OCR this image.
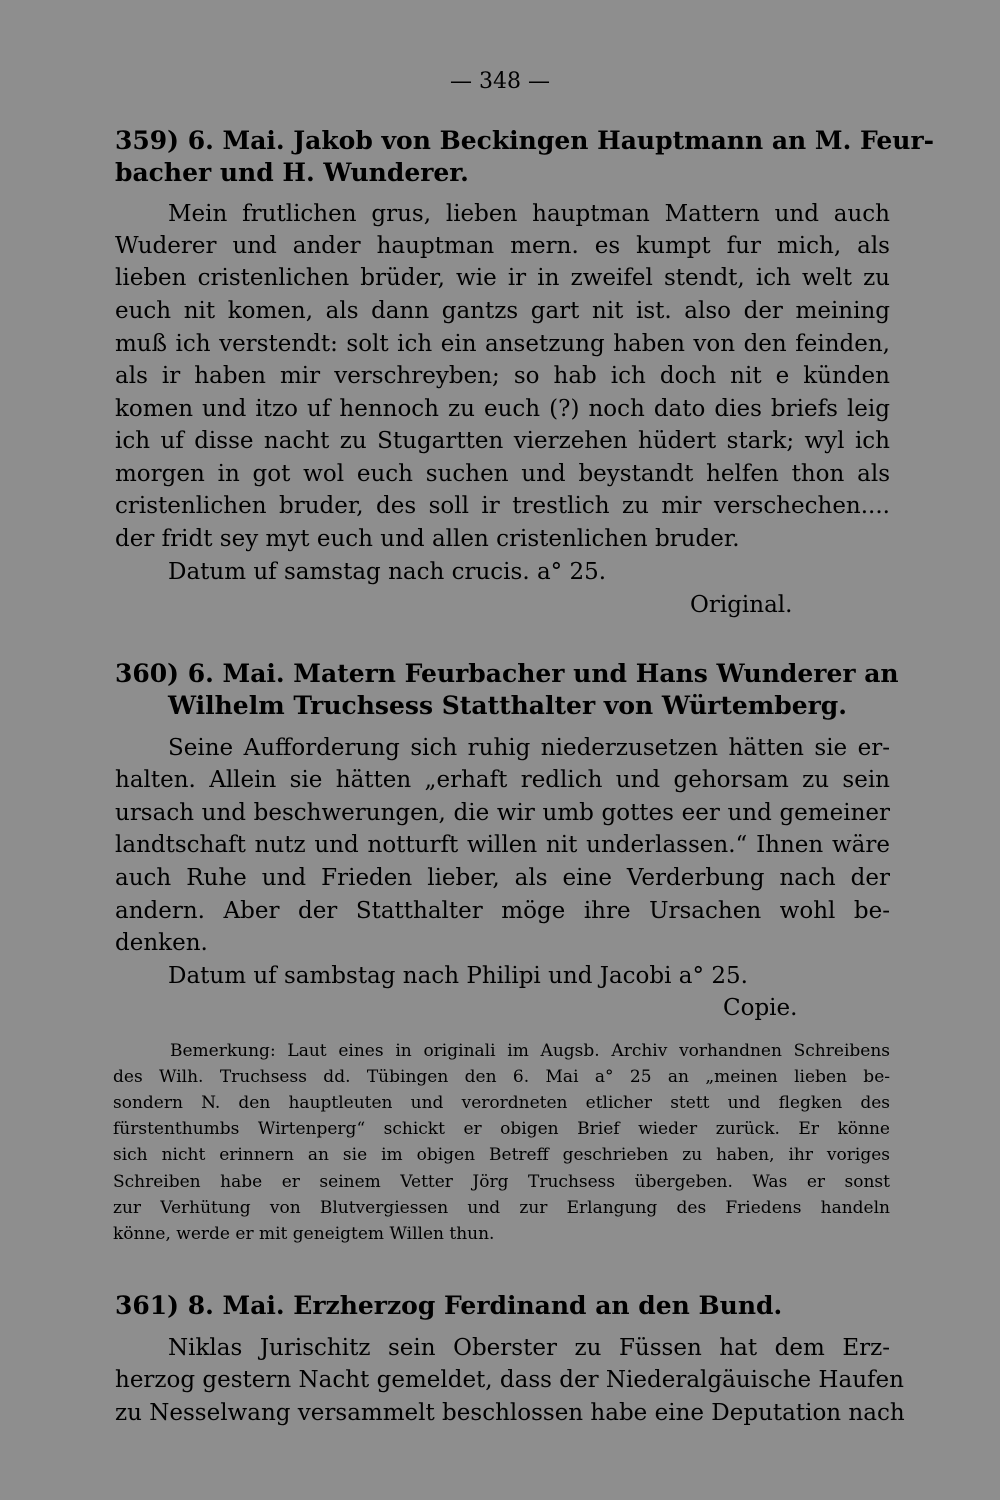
— 348 —
359) 6. Mai. Jakob von Beckingen Hauptmann an M. Feur-
bacher und H. Wunderer.
Mein frutlichen grus, lieben hauptman Mattern und auch
Wuderer und ander hauptman mern. es kumpt fur mich, als
lieben cristenlichen brüder, wie ir in zweifel stendt, ich welt zu
euch nit komen, als dann gantzs gart nit ist. also der meining
muß ich verstendt: solt ich ein ansetzung haben von den feinden,
als ir haben mir verschreyben; so hab ich doch nit e künden
komen und itzo uf hennoch zu euch (?) noch dato dies briefs leig
ich uf disse nacht zu Stugartten vierzehen hüdert stark; wyl ich
morgen in got wol euch suchen und beystandt helfen thon als
cristenlichen bruder, des soll ir trestlich zu mir verschechen....
der fridt sey myt euch und allen cristenlichen bruder.
Datum uf samstag nach crucis. a° 25.
Original.
360) 6. Mai. Matern Feurbacher und Hans Wunderer an
Wilhelm Truchsess Statthalter von Würtemberg.
Seine Aufforderung sich ruhig niederzusetzen hätten sie er-
halten. Allein sie hätten „erhaft redlich und gehorsam zu sein
ursach und beschwerungen, die wir umb gottes eer und gemeiner
landtschaft nutz und notturft willen nit underlassen.“ Ihnen wäre
auch Ruhe und Frieden lieber, als eine Verderbung nach der
andern. Aber der Statthalter möge ihre Ursachen wohl be-
denken.
Datum uf sambstag nach Philipi und Jacobi a° 25.
Copie.
Bemerkung: Laut eines in originali im Augsb. Archiv vorhandnen Schreibens
des Wilh. Truchsess dd. Tübingen den 6. Mai a° 25 an „meinen lieben be-
sondern N. den hauptleuten und verordneten etlicher stett und flegken des
fürstenthumbs Wirtenperg“ schickt er obigen Brief wieder zurück. Er könne
sich nicht erinnern an sie im obigen Betreff geschrieben zu haben, ihr voriges
Schreiben habe er seinem Vetter Jörg Truchsess übergeben. Was er sonst
zur Verhütung von Blutvergiessen und zur Erlangung des Friedens handeln
könne, werde er mit geneigtem Willen thun.
361) 8. Mai. Erzherzog Ferdinand an den Bund.
Niklas Jurischitz sein Oberster zu Füssen hat dem Erz-
herzog gestern Nacht gemeldet, dass der Niederalgäuische Haufen
zu Nesselwang versammelt beschlossen habe eine Deputation nach
